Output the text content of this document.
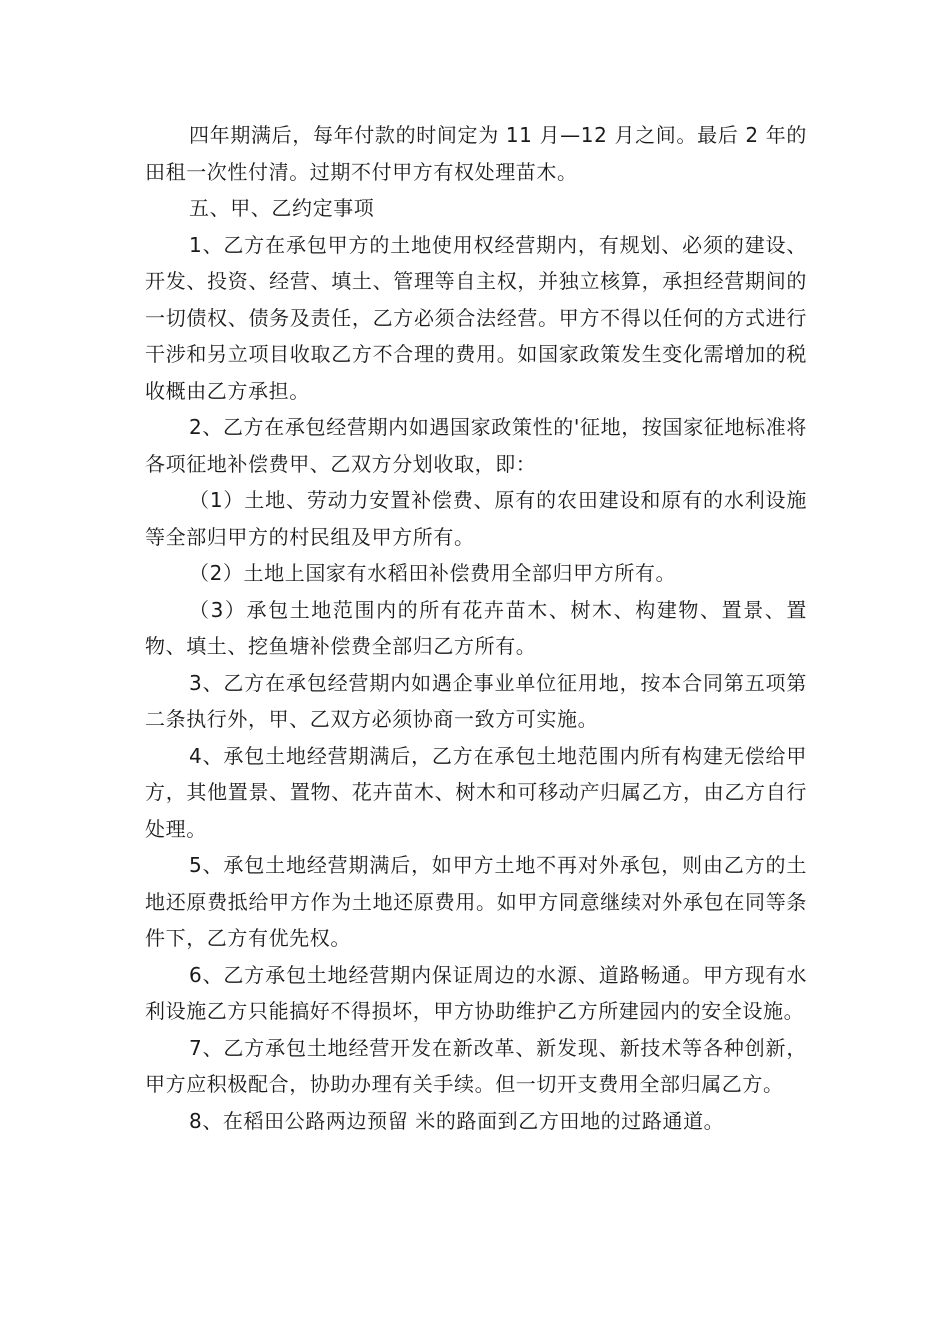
四年期满后，每年付款的时间定为 11 月—12 月之间。最后 2 年的田租一次性付清。过期不付甲方有权处理苗木。

五、甲、乙约定事项

1、乙方在承包甲方的土地使用权经营期内，有规划、必须的建设、开发、投资、经营、填土、管理等自主权，并独立核算，承担经营期间的一切债权、债务及责任，乙方必须合法经营。甲方不得以任何的方式进行干涉和另立项目收取乙方不合理的费用。如国家政策发生变化需增加的税收概由乙方承担。

2、乙方在承包经营期内如遇国家政策性的'征地，按国家征地标准将各项征地补偿费甲、乙双方分划收取，即：

（1）土地、劳动力安置补偿费、原有的农田建设和原有的水利设施等全部归甲方的村民组及甲方所有。

（2）土地上国家有水稻田补偿费用全部归甲方所有。

（3）承包土地范围内的所有花卉苗木、树木、构建物、置景、置物、填土、挖鱼塘补偿费全部归乙方所有。

3、乙方在承包经营期内如遇企事业单位征用地，按本合同第五项第二条执行外，甲、乙双方必须协商一致方可实施。

4、承包土地经营期满后，乙方在承包土地范围内所有构建无偿给甲方，其他置景、置物、花卉苗木、树木和可移动产归属乙方，由乙方自行处理。

5、承包土地经营期满后，如甲方土地不再对外承包，则由乙方的土地还原费抵给甲方作为土地还原费用。如甲方同意继续对外承包在同等条件下，乙方有优先权。

6、乙方承包土地经营期内保证周边的水源、道路畅通。甲方现有水利设施乙方只能搞好不得损坏，甲方协助维护乙方所建园内的安全设施。

7、乙方承包土地经营开发在新改革、新发现、新技术等各种创新，甲方应积极配合，协助办理有关手续。但一切开支费用全部归属乙方。

8、在稻田公路两边预留 米的路面到乙方田地的过路通道。
